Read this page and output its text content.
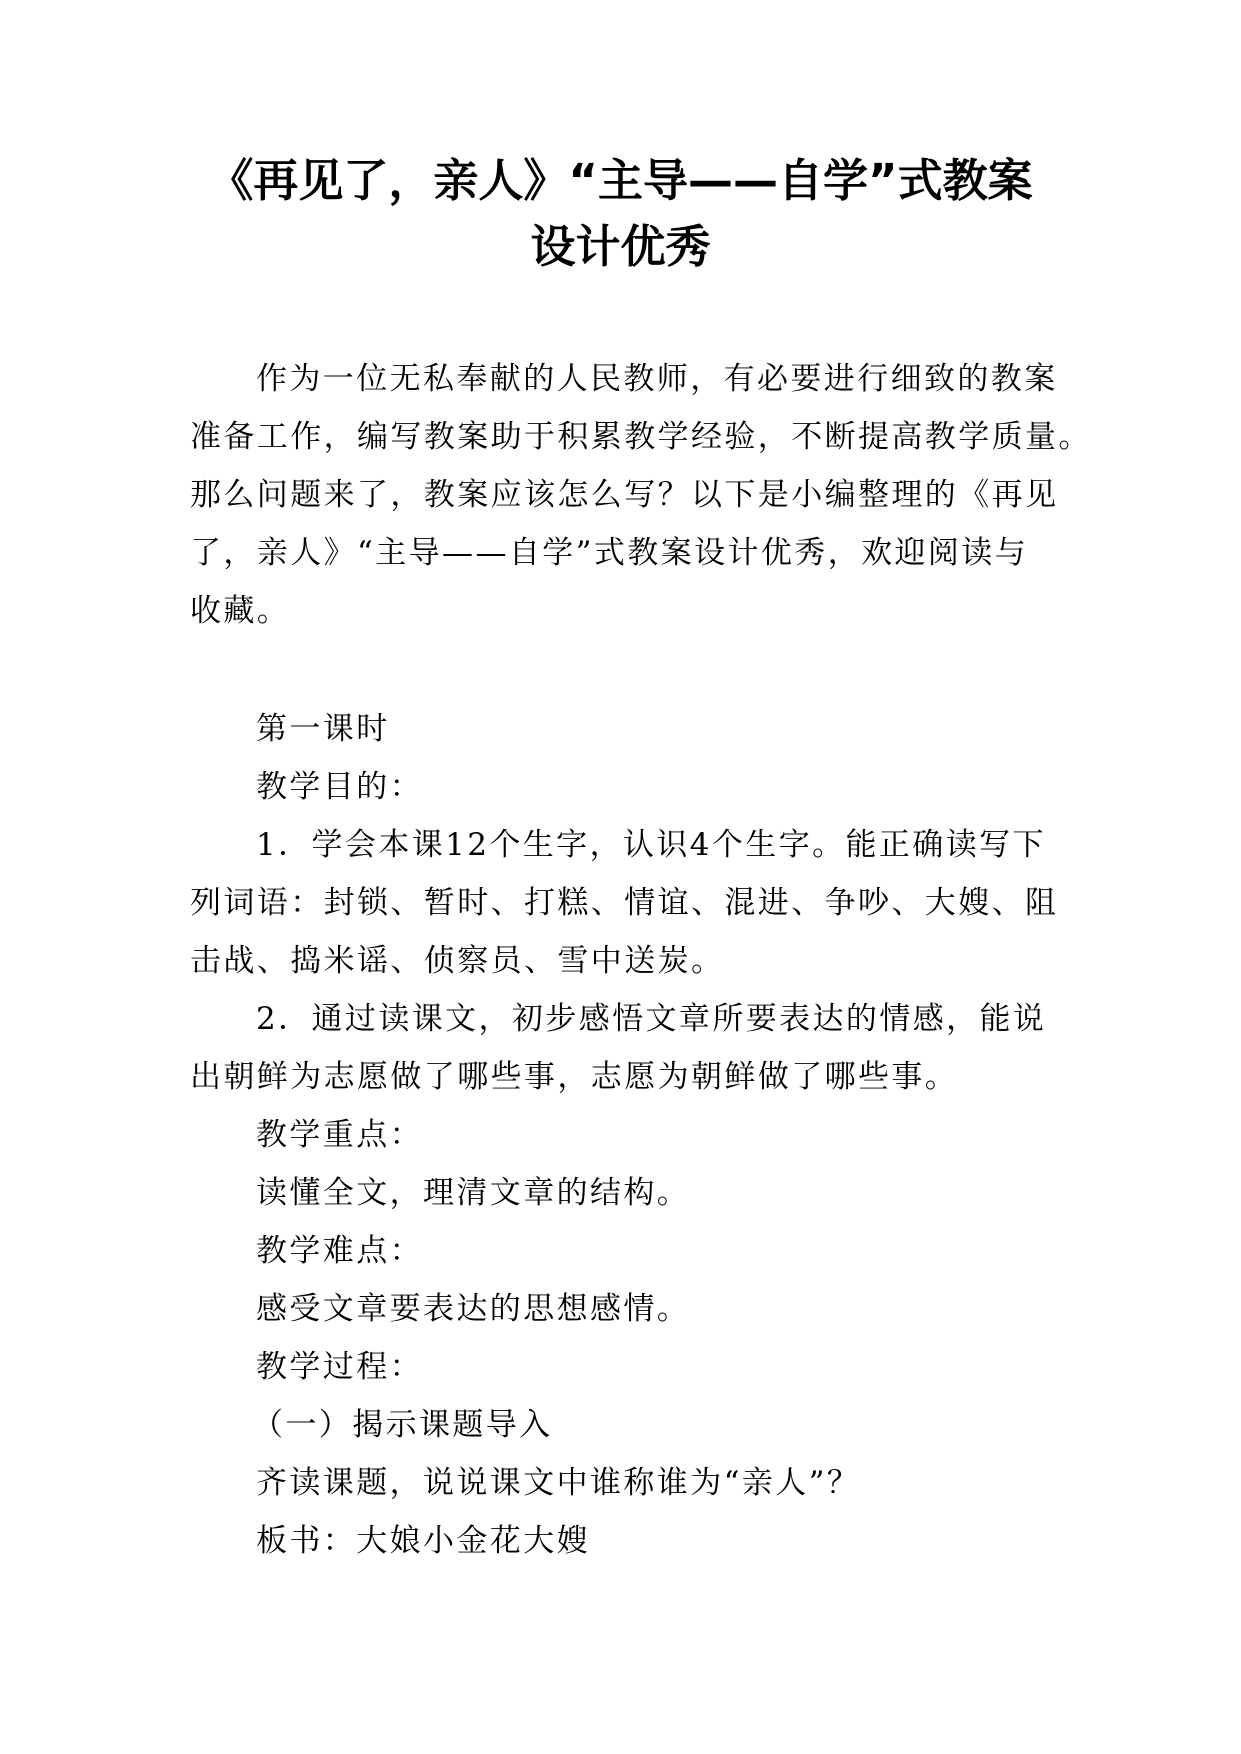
《再见了，亲人》“主导——自学”式教案
设计优秀
作为一位无私奉献的人民教师，有必要进行细致的教案
准备工作，编写教案助于积累教学经验，不断提高教学质量。
那么问题来了，教案应该怎么写？以下是小编整理的《再见
了，亲人》“主导——自学”式教案设计优秀，欢迎阅读与
收藏。
第一课时
教学目的：
1．学会本课12个生字，认识4个生字。能正确读写下
列词语：封锁、暂时、打糕、情谊、混进、争吵、大嫂、阻
击战、捣米谣、侦察员、雪中送炭。
2．通过读课文，初步感悟文章所要表达的情感，能说
出朝鲜为志愿做了哪些事，志愿为朝鲜做了哪些事。
教学重点：
读懂全文，理清文章的结构。
教学难点：
感受文章要表达的思想感情。
教学过程：
（一）揭示课题导入
齐读课题，说说课文中谁称谁为“亲人”？
板书：大娘小金花大嫂
